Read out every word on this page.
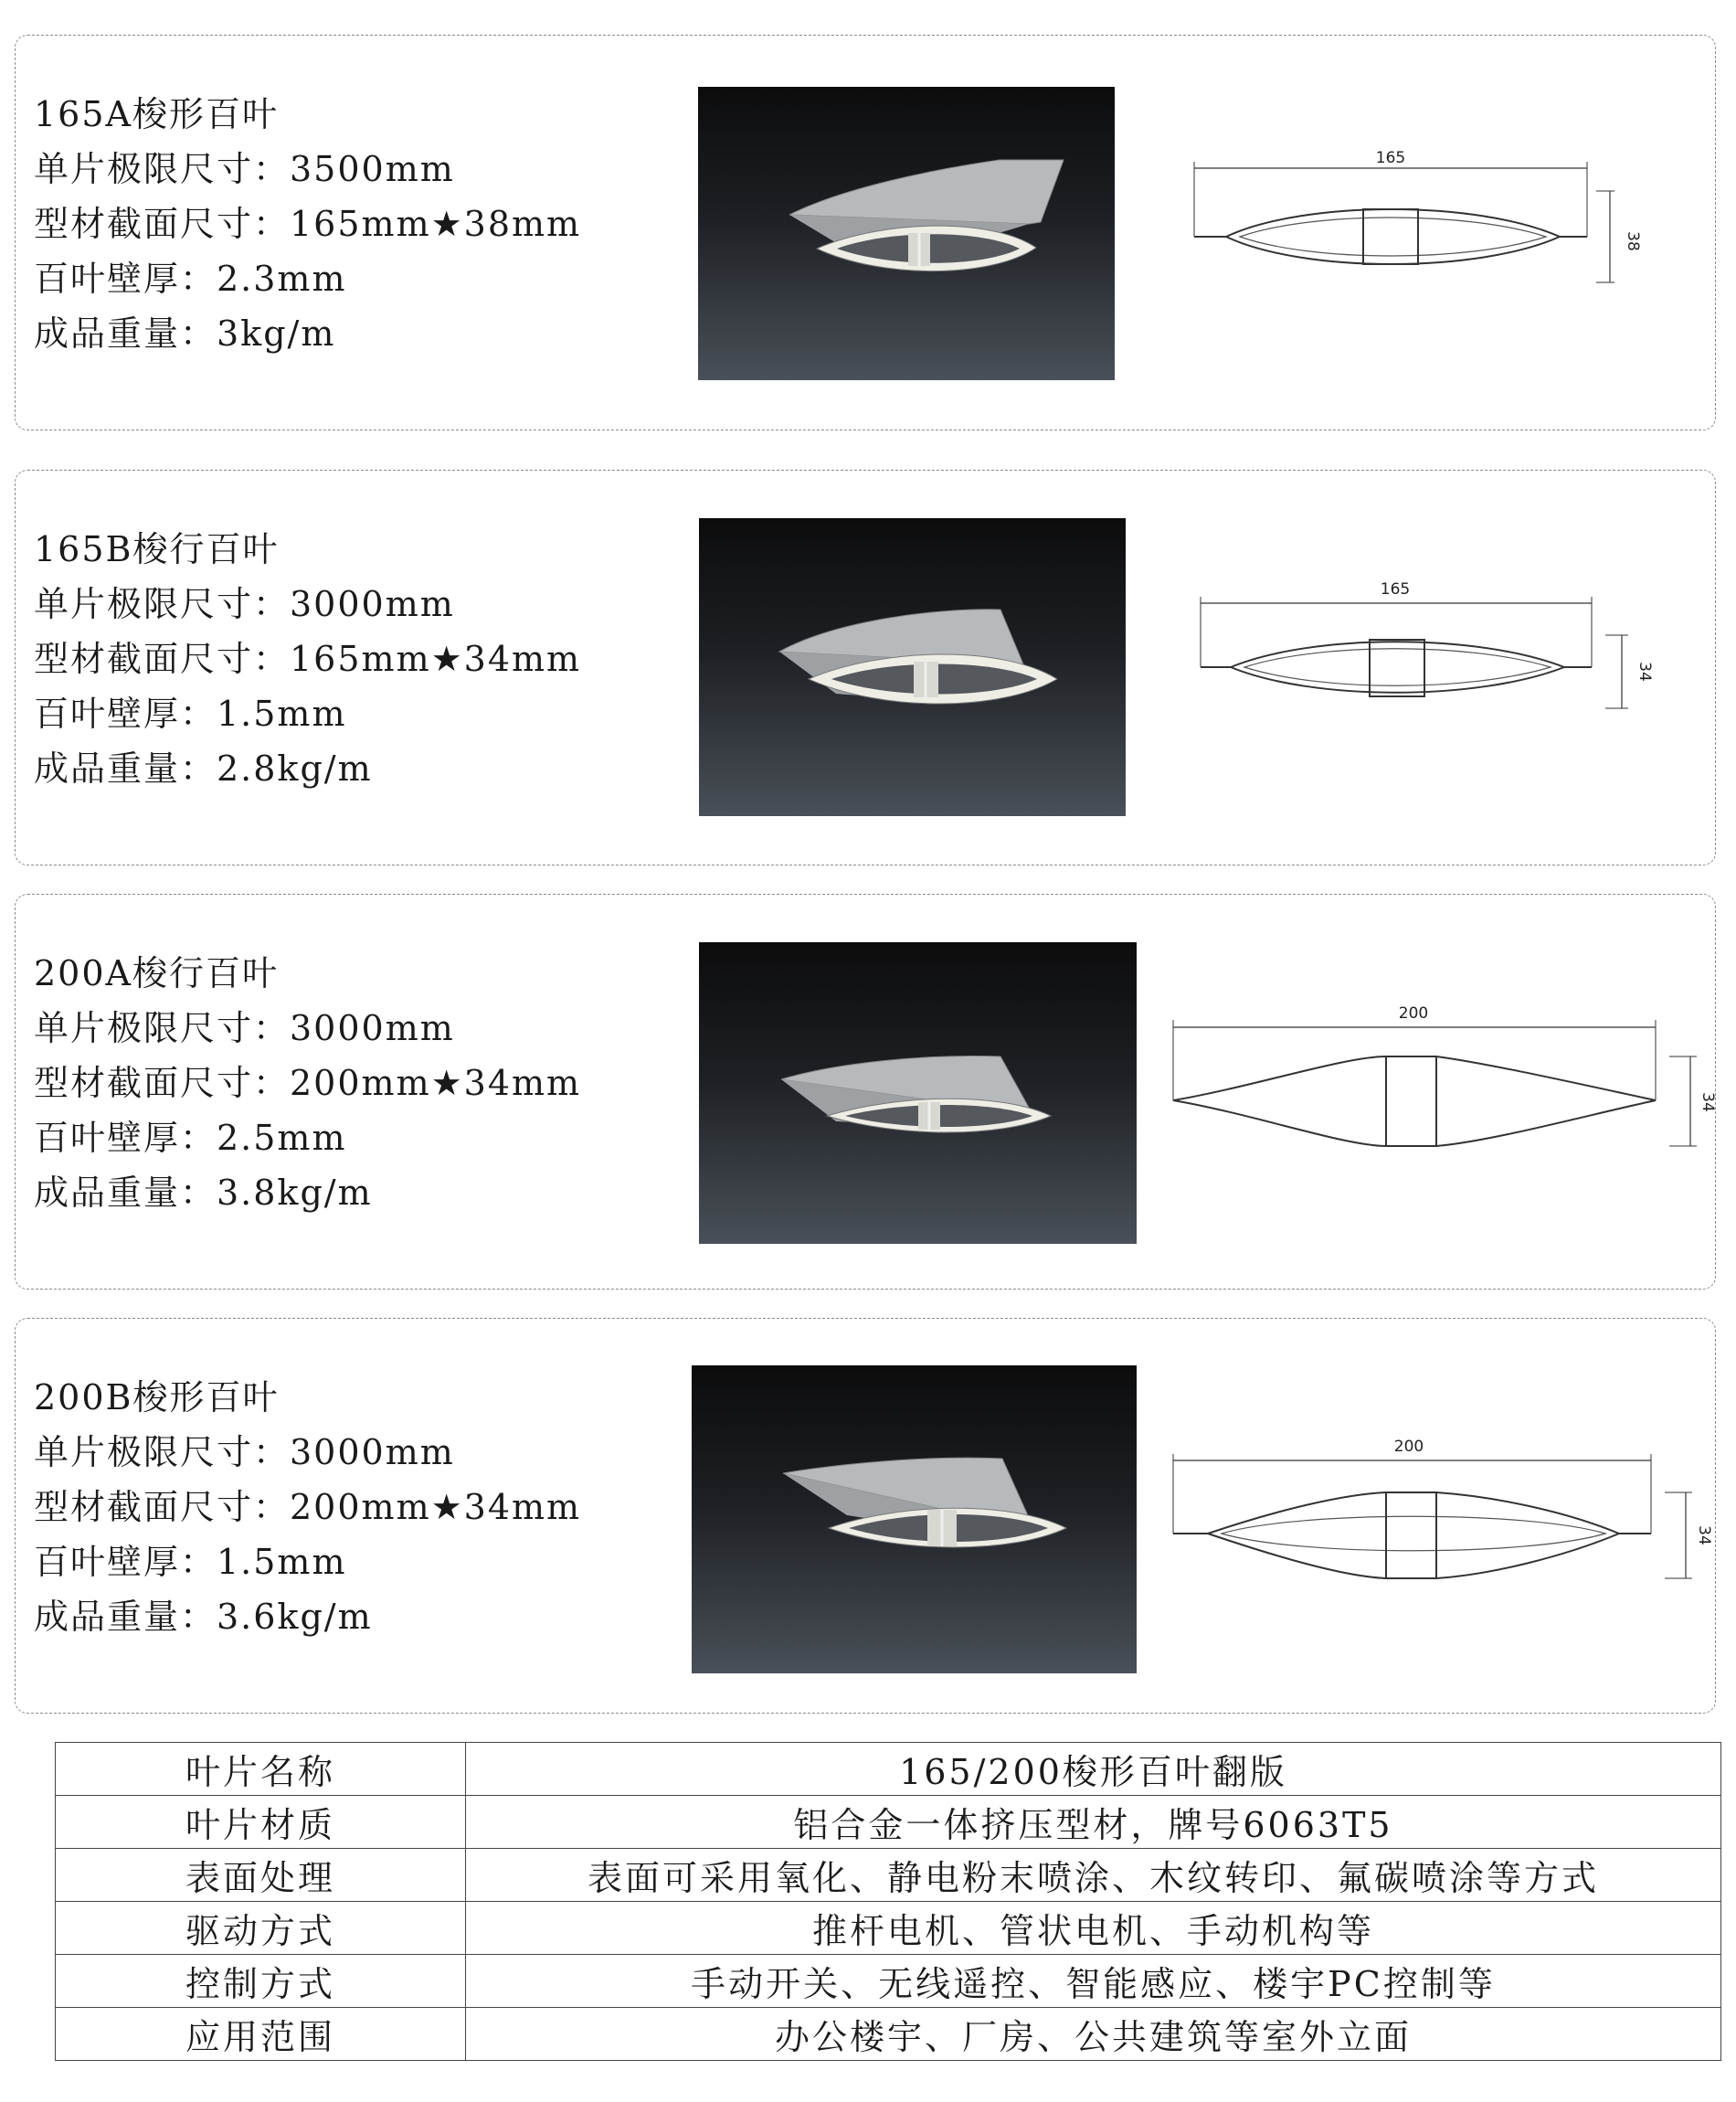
165A梭形百叶
单片极限尺寸：3500mm
型材截面尺寸：165mm★38mm
百叶壁厚：2.3mm
成品重量：3kg/m
165
38
165B梭行百叶
单片极限尺寸：3000mm
型材截面尺寸：165mm★34mm
百叶壁厚：1.5mm
成品重量：2.8kg/m
165
34
200A梭行百叶
单片极限尺寸：3000mm
型材截面尺寸：200mm★34mm
百叶壁厚：2.5mm
成品重量：3.8kg/m
200
34
200B梭形百叶
单片极限尺寸：3000mm
型材截面尺寸：200mm★34mm
百叶壁厚：1.5mm
成品重量：3.6kg/m
200
34
叶片名称	165/200梭形百叶翻版
叶片材质	铝合金一体挤压型材，牌号6063T5
表面处理	表面可采用氧化、静电粉末喷涂、木纹转印、氟碳喷涂等方式
驱动方式	推杆电机、管状电机、手动机构等
控制方式	手动开关、无线遥控、智能感应、楼宇PC控制等
应用范围	办公楼宇、厂房、公共建筑等室外立面
